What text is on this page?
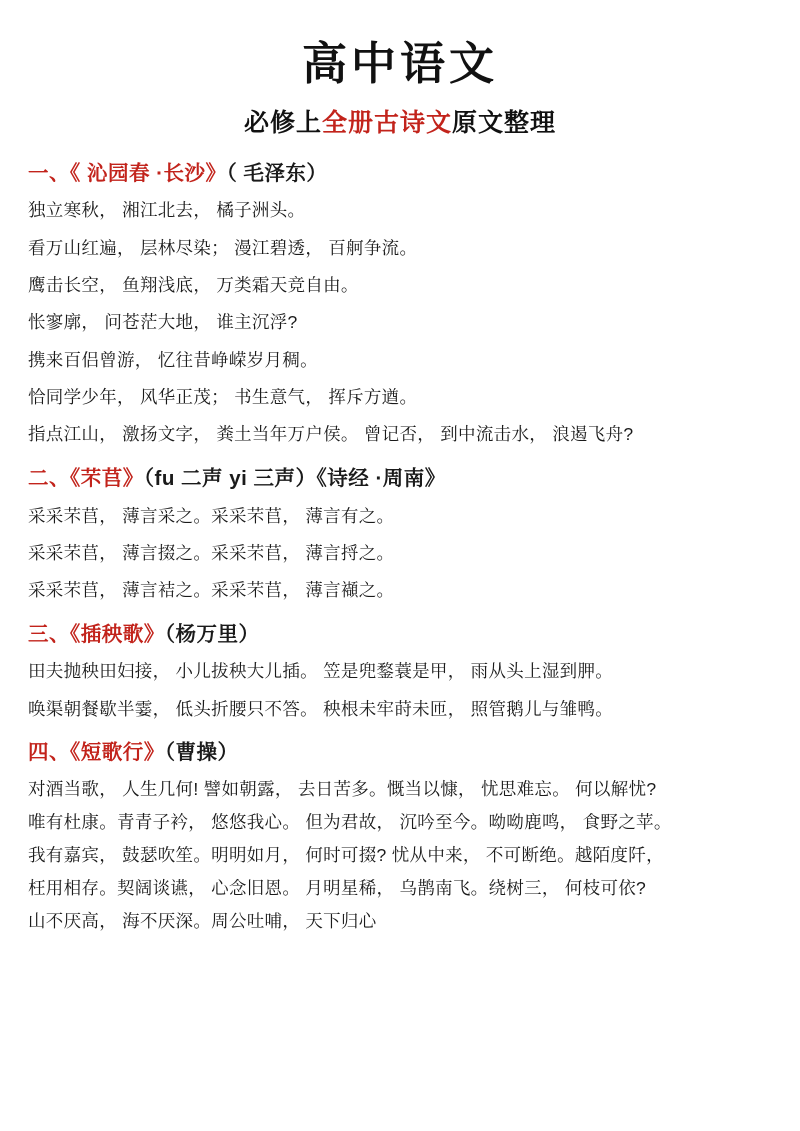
高中语文
必修上全册古诗文原文整理
一、《 沁园春 ·长沙》（ 毛泽东）

独立寒秋， 湘江北去， 橘子洲头。

看万山红遍， 层林尽染； 漫江碧透， 百舸争流。

鹰击长空， 鱼翔浅底， 万类霜天竞自由。

怅寥廓， 问苍茫大地， 谁主沉浮?

携来百侣曾游， 忆往昔峥嵘岁月稠。

恰同学少年， 风华正茂； 书生意气， 挥斥方遒。

指点江山， 激扬文字， 粪土当年万户侯。 曾记否， 到中流击水， 浪遏飞舟?

二、《芣苢》（fu 二声 yi 三声）《诗经 ·周南》

采采芣苢， 薄言采之。采采芣苢， 薄言有之。

采采芣苢， 薄言掇之。采采芣苢， 薄言捋之。

采采芣苢， 薄言袺之。采采芣苢， 薄言襭之。

三、《插秧歌》（杨万里）

田夫抛秧田妇接， 小儿拔秧大儿插。 笠是兜鍪蓑是甲， 雨从头上湿到胛。

唤渠朝餐歇半霎， 低头折腰只不答。 秧根未牢莳未匝， 照管鹅儿与雏鸭。

四、《短歌行》（曹操）

对酒当歌， 人生几何! 譬如朝露， 去日苦多。慨当以慷， 忧思难忘。 何以解忧?

唯有杜康。青青子衿， 悠悠我心。 但为君故， 沉吟至今。呦呦鹿鸣， 食野之苹。

我有嘉宾， 鼓瑟吹笙。明明如月， 何时可掇? 忧从中来， 不可断绝。越陌度阡，

枉用相存。契阔谈䜩， 心念旧恩。 月明星稀， 乌鹊南飞。绕树三， 何枝可依?

山不厌高， 海不厌深。周公吐哺， 天下归心
